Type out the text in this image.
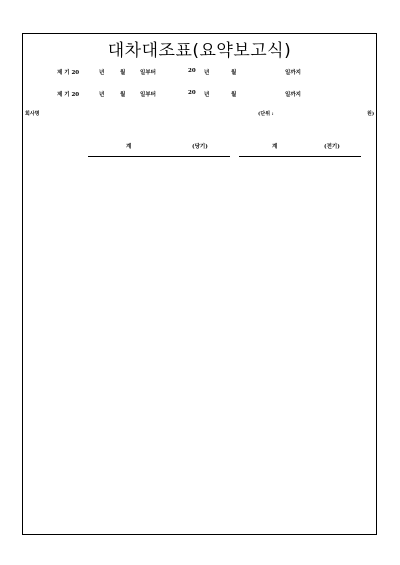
대차대조표(요약보고식)
제 기 20	년	월	일부터	20 년	월	일까지
제 기 20	년	월	일부터	20 년	월	일까지
회사명	(단위 :	원)
계	(당기)	계	(전기)
